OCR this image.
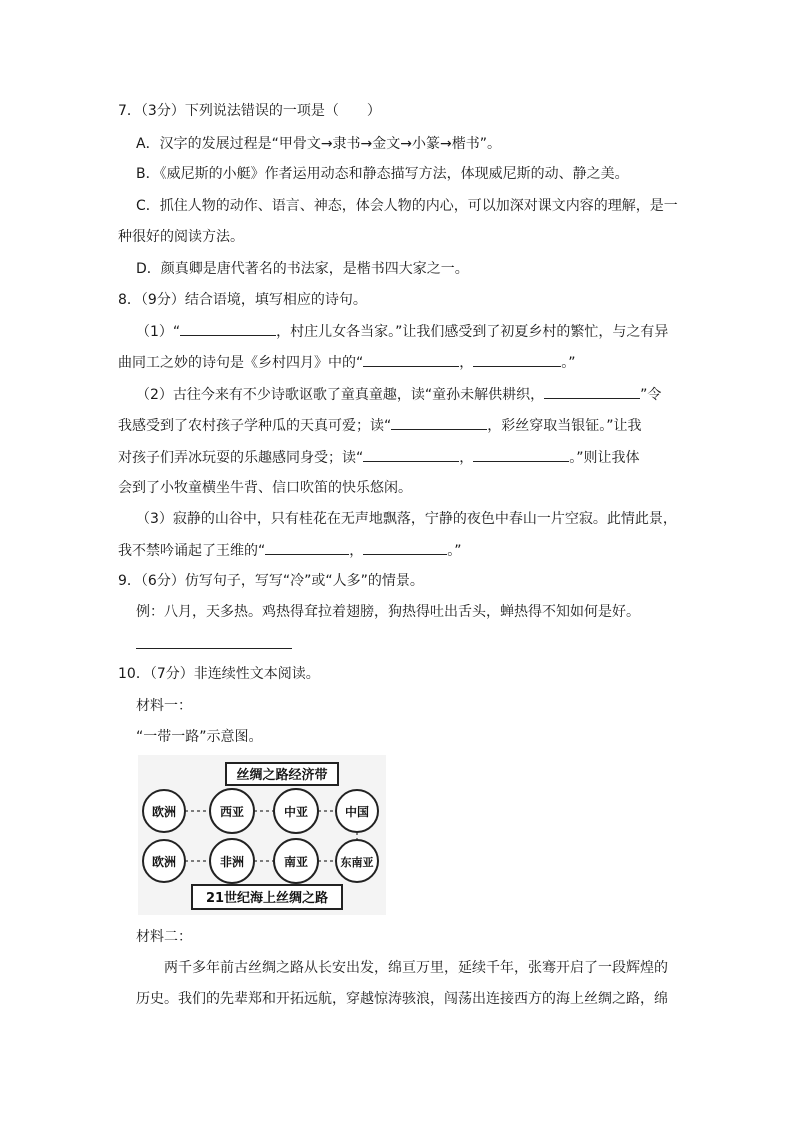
7．（3分）下列说法错误的一项是（　　）
A．汉字的发展过程是“甲骨文→隶书→金文→小篆→楷书”。
B．《威尼斯的小艇》作者运用动态和静态描写方法，体现威尼斯的动、静之美。
C．抓住人物的动作、语言、神态，体会人物的内心，可以加深对课文内容的理解，是一
种很好的阅读方法。
D．颜真卿是唐代著名的书法家，是楷书四大家之一。
8．（9分）结合语境，填写相应的诗句。
（1）“	，村庄儿女各当家。”让我们感受到了初夏乡村的繁忙，与之有异
曲同工之妙的诗句是《乡村四月》中的“	，	。”
（2）古往今来有不少诗歌讴歌了童真童趣，读“童孙未解供耕织，	”令
我感受到了农村孩子学种瓜的天真可爱；读“	，彩丝穿取当银钲。”让我
对孩子们弄冰玩耍的乐趣感同身受；读“	，	。”则让我体
会到了小牧童横坐牛背、信口吹笛的快乐悠闲。
（3）寂静的山谷中，只有桂花在无声地飘落，宁静的夜色中春山一片空寂。此情此景，
我不禁吟诵起了王维的“	，	。”
9．（6分）仿写句子，写写“冷”或“人多”的情景。
例：八月，天多热。鸡热得耷拉着翅膀，狗热得吐出舌头，蝉热得不知如何是好。
10．（7分）非连续性文本阅读。
材料一：
“一带一路”示意图。
丝绸之路经济带
欧洲	西亚	中亚	中国
欧洲	非洲	南亚	东南亚
21世纪海上丝绸之路
材料二：
两千多年前古丝绸之路从长安出发，绵亘万里，延续千年，张骞开启了一段辉煌的
历史。我们的先辈郑和开拓远航，穿越惊涛骇浪，闯荡出连接西方的海上丝绸之路，绵
